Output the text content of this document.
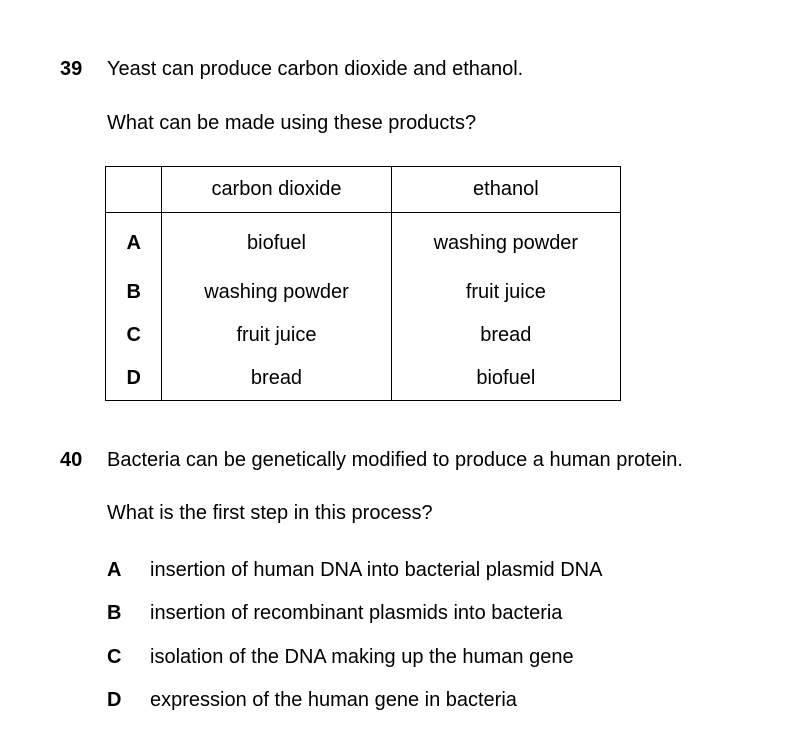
39 Yeast can produce carbon dioxide and ethanol.
What can be made using these products?
	carbon dioxide	ethanol
A	biofuel	washing powder
B	washing powder	fruit juice
C	fruit juice	bread
D	bread	biofuel
40 Bacteria can be genetically modified to produce a human protein.
What is the first step in this process?
A insertion of human DNA into bacterial plasmid DNA
B insertion of recombinant plasmids into bacteria
C isolation of the DNA making up the human gene
D expression of the human gene in bacteria
